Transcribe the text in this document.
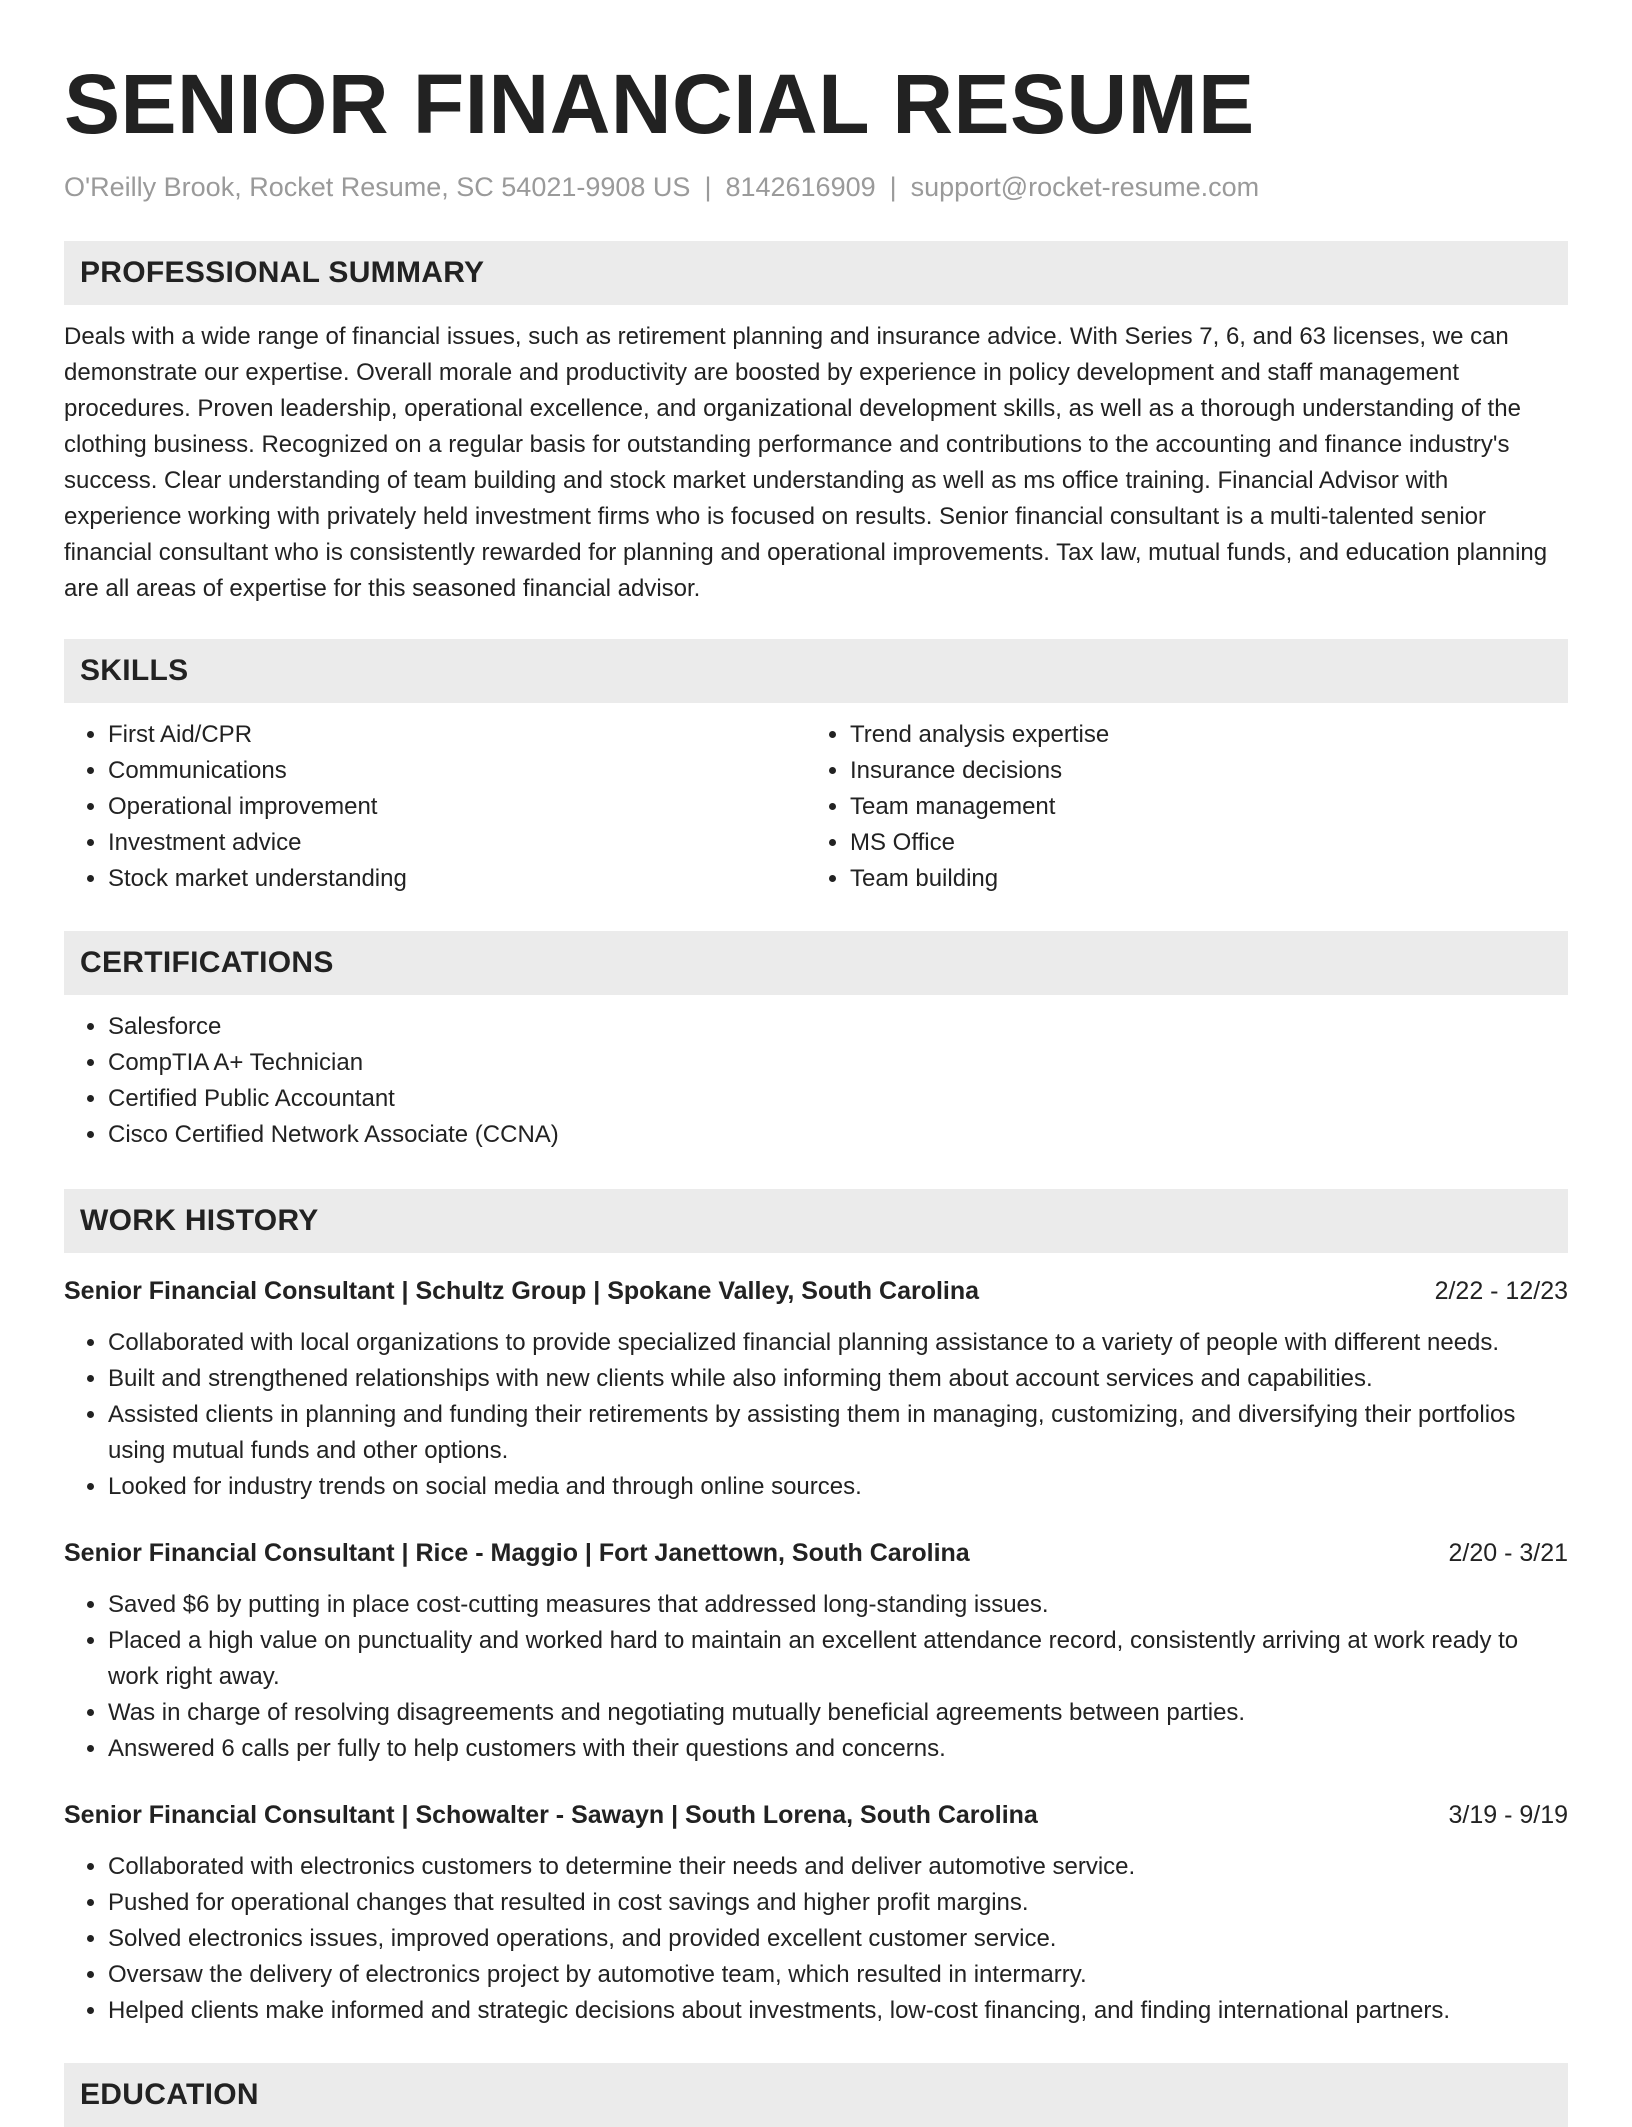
SENIOR FINANCIAL RESUME
O'Reilly Brook, Rocket Resume, SC 54021-9908 US | 8142616909 | support@rocket-resume.com
PROFESSIONAL SUMMARY

Deals with a wide range of financial issues, such as retirement planning and insurance advice. With Series 7, 6, and 63 licenses, we can demonstrate our expertise. Overall morale and productivity are boosted by experience in policy development and staff management procedures. Proven leadership, operational excellence, and organizational development skills, as well as a thorough understanding of the clothing business. Recognized on a regular basis for outstanding performance and contributions to the accounting and finance industry's success. Clear understanding of team building and stock market understanding as well as ms office training. Financial Advisor with experience working with privately held investment firms who is focused on results. Senior financial consultant is a multi-talented senior financial consultant who is consistently rewarded for planning and operational improvements. Tax law, mutual funds, and education planning are all areas of expertise for this seasoned financial advisor.

SKILLS
• First Aid/CPR
• Communications
• Operational improvement
• Investment advice
• Stock market understanding
• Trend analysis expertise
• Insurance decisions
• Team management
• MS Office
• Team building
CERTIFICATIONS
• Salesforce
• CompTIA A+ Technician
• Certified Public Accountant
• Cisco Certified Network Associate (CCNA)
WORK HISTORY
Senior Financial Consultant | Schultz Group | Spokane Valley, South Carolina	2/22 - 12/23
• Collaborated with local organizations to provide specialized financial planning assistance to a variety of people with different needs.
• Built and strengthened relationships with new clients while also informing them about account services and capabilities.
• Assisted clients in planning and funding their retirements by assisting them in managing, customizing, and diversifying their portfolios using mutual funds and other options.
• Looked for industry trends on social media and through online sources.
Senior Financial Consultant | Rice - Maggio | Fort Janettown, South Carolina	2/20 - 3/21
• Saved $6 by putting in place cost-cutting measures that addressed long-standing issues.
• Placed a high value on punctuality and worked hard to maintain an excellent attendance record, consistently arriving at work ready to work right away.
• Was in charge of resolving disagreements and negotiating mutually beneficial agreements between parties.
• Answered 6 calls per fully to help customers with their questions and concerns.
Senior Financial Consultant | Schowalter - Sawayn | South Lorena, South Carolina	3/19 - 9/19
• Collaborated with electronics customers to determine their needs and deliver automotive service.
• Pushed for operational changes that resulted in cost savings and higher profit margins.
• Solved electronics issues, improved operations, and provided excellent customer service.
• Oversaw the delivery of electronics project by automotive team, which resulted in intermarry.
• Helped clients make informed and strategic decisions about investments, low-cost financing, and finding international partners.
EDUCATION
